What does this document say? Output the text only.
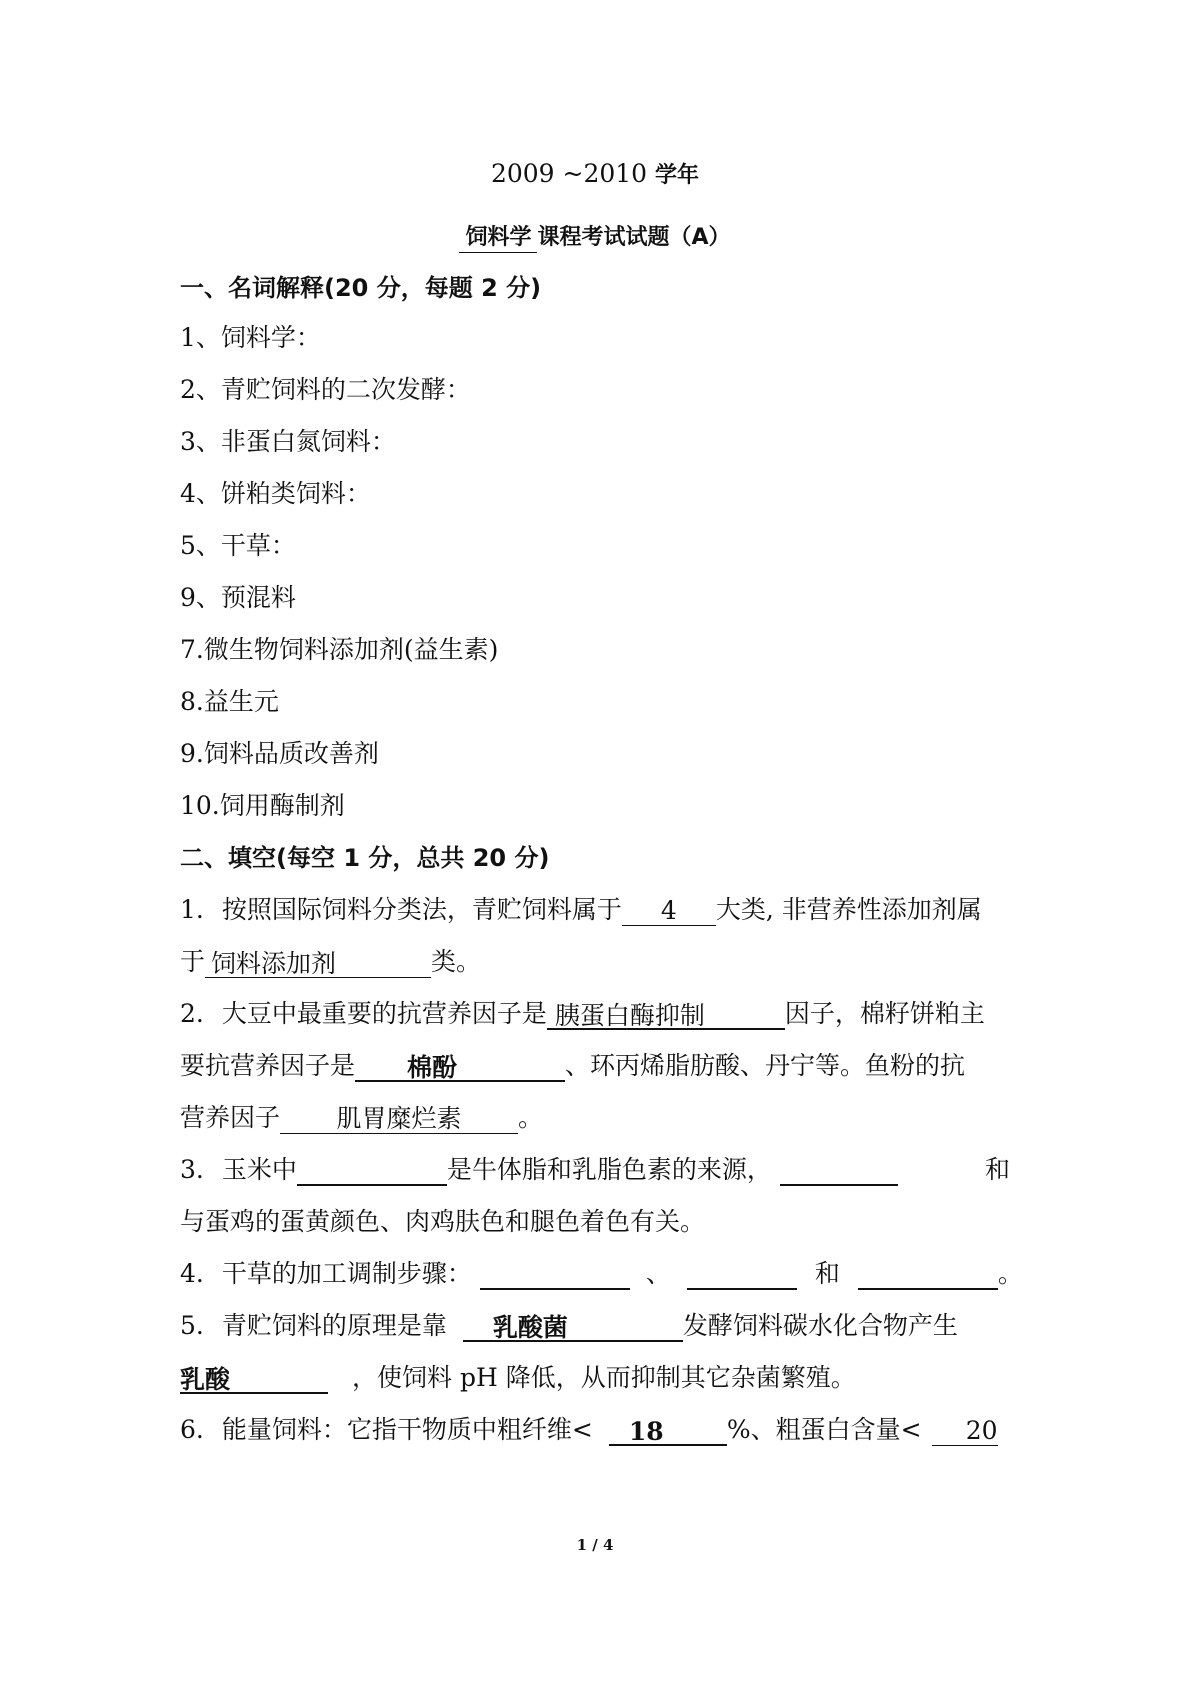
2009 ~2010 学年
饲料学 课程考试试题（A）
一、名词解释(20 分，每题 2 分)
1、饲料学：
2、青贮饲料的二次发酵：
3、非蛋白氮饲料：
4、饼粕类饲料：
5、干草：
9、预混料
7.微生物饲料添加剂(益生素)
8.益生元
9.饲料品质改善剂
10.饲用酶制剂
二、填空(每空 1 分，总共 20 分)
1. 按照国际饲料分类法，青贮饲料属于 4 大类, 非营养性添加剂属
于 饲料添加剂	类。
2. 大豆中最重要的抗营养因子是 胰蛋白酶抑制	因子，棉籽饼粕主
要抗营养因子是 棉酚	、环丙烯脂肪酸、丹宁等。鱼粉的抗
营养因子 肌胃糜烂素 。
3. 玉米中	是牛体脂和乳脂色素的来源，	和
与蛋鸡的蛋黄颜色、肉鸡肤色和腿色着色有关。
4. 干草的加工调制步骤：	、	和	。
5. 青贮饲料的原理是靠 乳酸菌	发酵饲料碳水化合物产生
乳酸	，使饲料 pH 降低，从而抑制其它杂菌繁殖。
6. 能量饲料：它指干物质中粗纤维< 18	%、粗蛋白含量< 20
1 / 4
